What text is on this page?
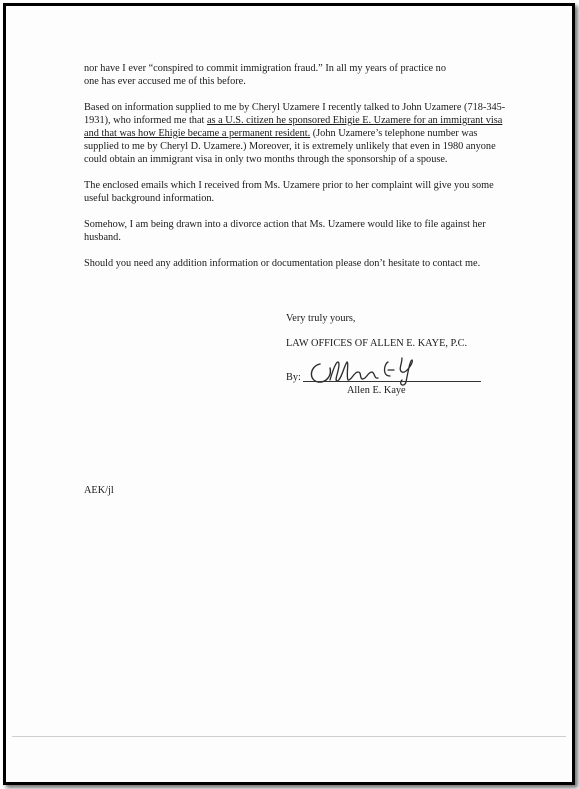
nor have I ever “conspired to commit immigration fraud.” In all my years of practice no
one has ever accused me of this before.

Based on information supplied to me by Cheryl Uzamere I recently talked to John Uzamere (718-345-1931), who informed me that as a U.S. citizen he sponsored Ehigie E. Uzamere for an immigrant visa and that was how Ehigie became a permanent resident. (John Uzamere’s telephone number was supplied to me by Cheryl D. Uzamere.) Moreover, it is extremely unlikely that even in 1980 anyone could obtain an immigrant visa in only two months through the sponsorship of a spouse.

The enclosed emails which I received from Ms. Uzamere prior to her complaint will give you some useful background information.

Somehow, I am being drawn into a divorce action that Ms. Uzamere would like to file against her husband.

Should you need any addition information or documentation please don’t hesitate to contact me.

Very truly yours,
LAW OFFICES OF ALLEN E. KAYE, P.C.
By:
Allen E. Kaye
AEK/jl
